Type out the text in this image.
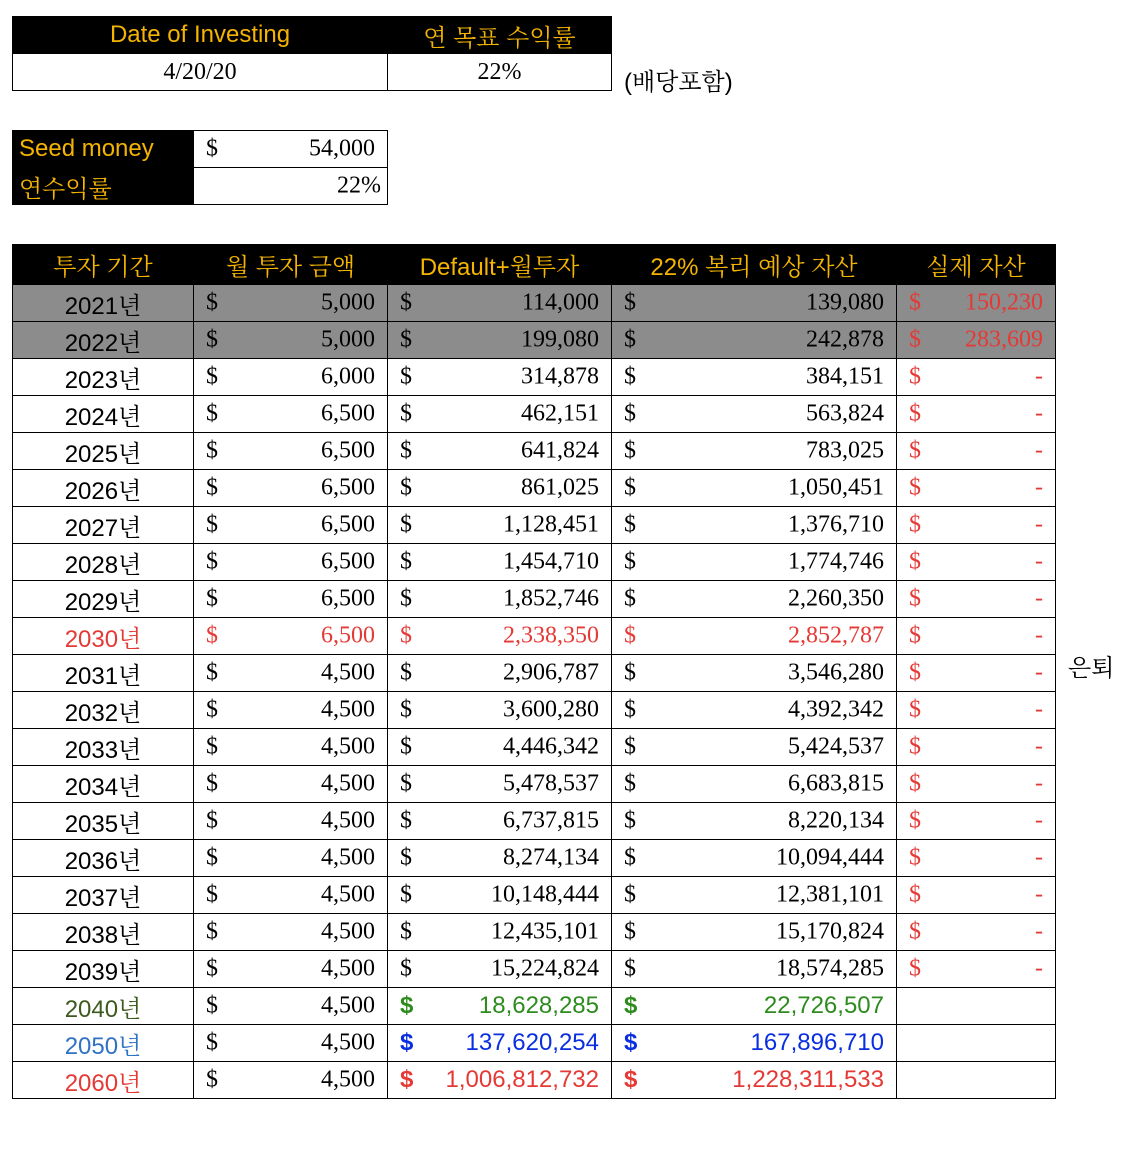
Date of Investing	연 목표 수익률
4/20/20	22%	(배당포함)
Seed money	$ 54,000

연수익률	22%
투자 기간	월 투자 금액	Default+월투자	22% 복리 예상 자산	실제 자산
2021년	$ 5,000	$ 114,000	$ 139,080	$ 150,230

2022년	$ 5,000	$ 199,080	$ 242,878	$ 283,609

2023년	$ 6,000	$ 314,878	$ 384,151	$ -

2024년	$ 6,500	$ 462,151	$ 563,824	$ -

2025년	$ 6,500	$ 641,824	$ 783,025	$ -

2026년	$ 6,500	$ 861,025	$ 1,050,451	$ -

2027년	$ 6,500	$ 1,128,451	$ 1,376,710	$ -

2028년	$ 6,500	$ 1,454,710	$ 1,774,746	$ -

2029년	$ 6,500	$ 1,852,746	$ 2,260,350	$ -

2030년	$ 6,500	$ 2,338,350	$ 2,852,787	$ -

2031년	$ 4,500	$ 2,906,787	$ 3,546,280	$ -

2032년	$ 4,500	$ 3,600,280	$ 4,392,342	$ -

2033년	$ 4,500	$ 4,446,342	$ 5,424,537	$ -

2034년	$ 4,500	$ 5,478,537	$ 6,683,815	$ -

2035년	$ 4,500	$ 6,737,815	$ 8,220,134	$ -

2036년	$ 4,500	$ 8,274,134	$ 10,094,444	$ -

2037년	$ 4,500	$ 10,148,444	$ 12,381,101	$ -

2038년	$ 4,500	$ 12,435,101	$ 15,170,824	$ -

2039년	$ 4,500	$ 15,224,824	$ 18,574,285	$ -

2040년	$ 4,500	$ 18,628,285	$ 22,726,507	

2050년	$ 4,500	$ 137,620,254	$ 167,896,710	

2060년	$ 4,500	$ 1,006,812,732	$ 1,228,311,533	

은퇴
